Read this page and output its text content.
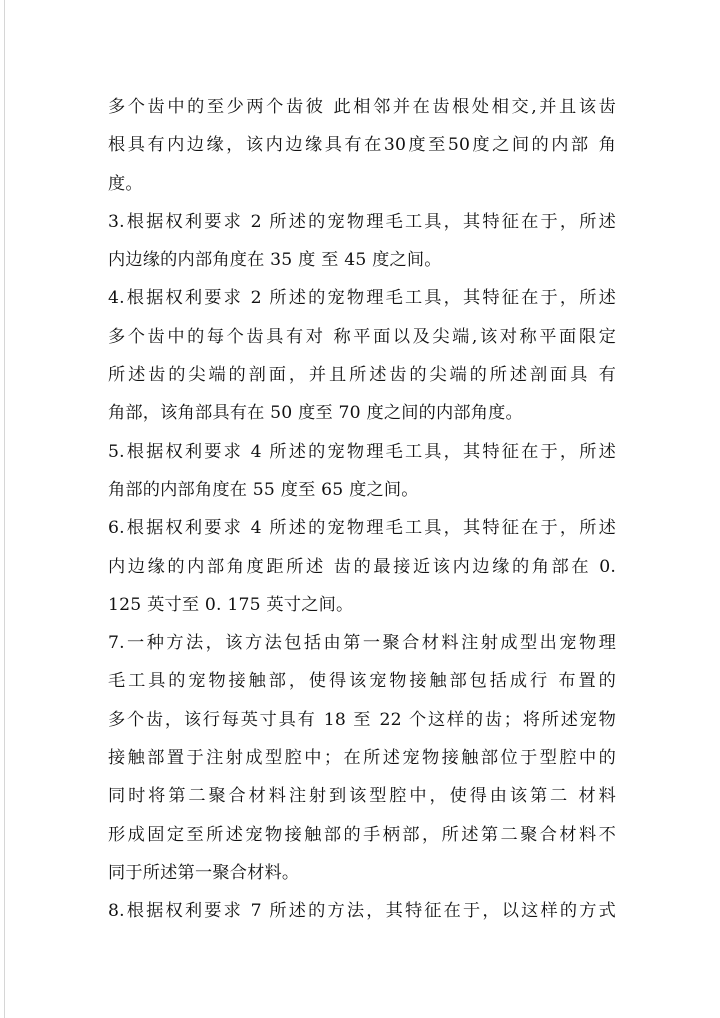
多个齿中的至少两个齿彼 此相邻并在齿根处相交,并且该齿
根具有内边缘，该内边缘具有在30度至50度之间的内部 角
度。
3.根据权利要求 2 所述的宠物理毛工具，其特征在于，所述
内边缘的内部角度在 35 度 至 45 度之间。
4.根据权利要求 2 所述的宠物理毛工具，其特征在于，所述
多个齿中的每个齿具有对 称平面以及尖端,该对称平面限定
所述齿的尖端的剖面，并且所述齿的尖端的所述剖面具 有
角部，该角部具有在 50 度至 70 度之间的内部角度。
5.根据权利要求 4 所述的宠物理毛工具，其特征在于，所述
角部的内部角度在 55 度至 65 度之间。
6.根据权利要求 4 所述的宠物理毛工具，其特征在于，所述
内边缘的内部角度距所述 齿的最接近该内边缘的角部在 0.
125 英寸至 0. 175 英寸之间。
7.一种方法，该方法包括由第一聚合材料注射成型出宠物理
毛工具的宠物接触部，使得该宠物接触部包括成行 布置的
多个齿，该行每英寸具有 18 至 22 个这样的齿；将所述宠物
接触部置于注射成型腔中；在所述宠物接触部位于型腔中的
同时将第二聚合材料注射到该型腔中，使得由该第二 材料
形成固定至所述宠物接触部的手柄部，所述第二聚合材料不
同于所述第一聚合材料。
8.根据权利要求 7 所述的方法，其特征在于，以这样的方式
